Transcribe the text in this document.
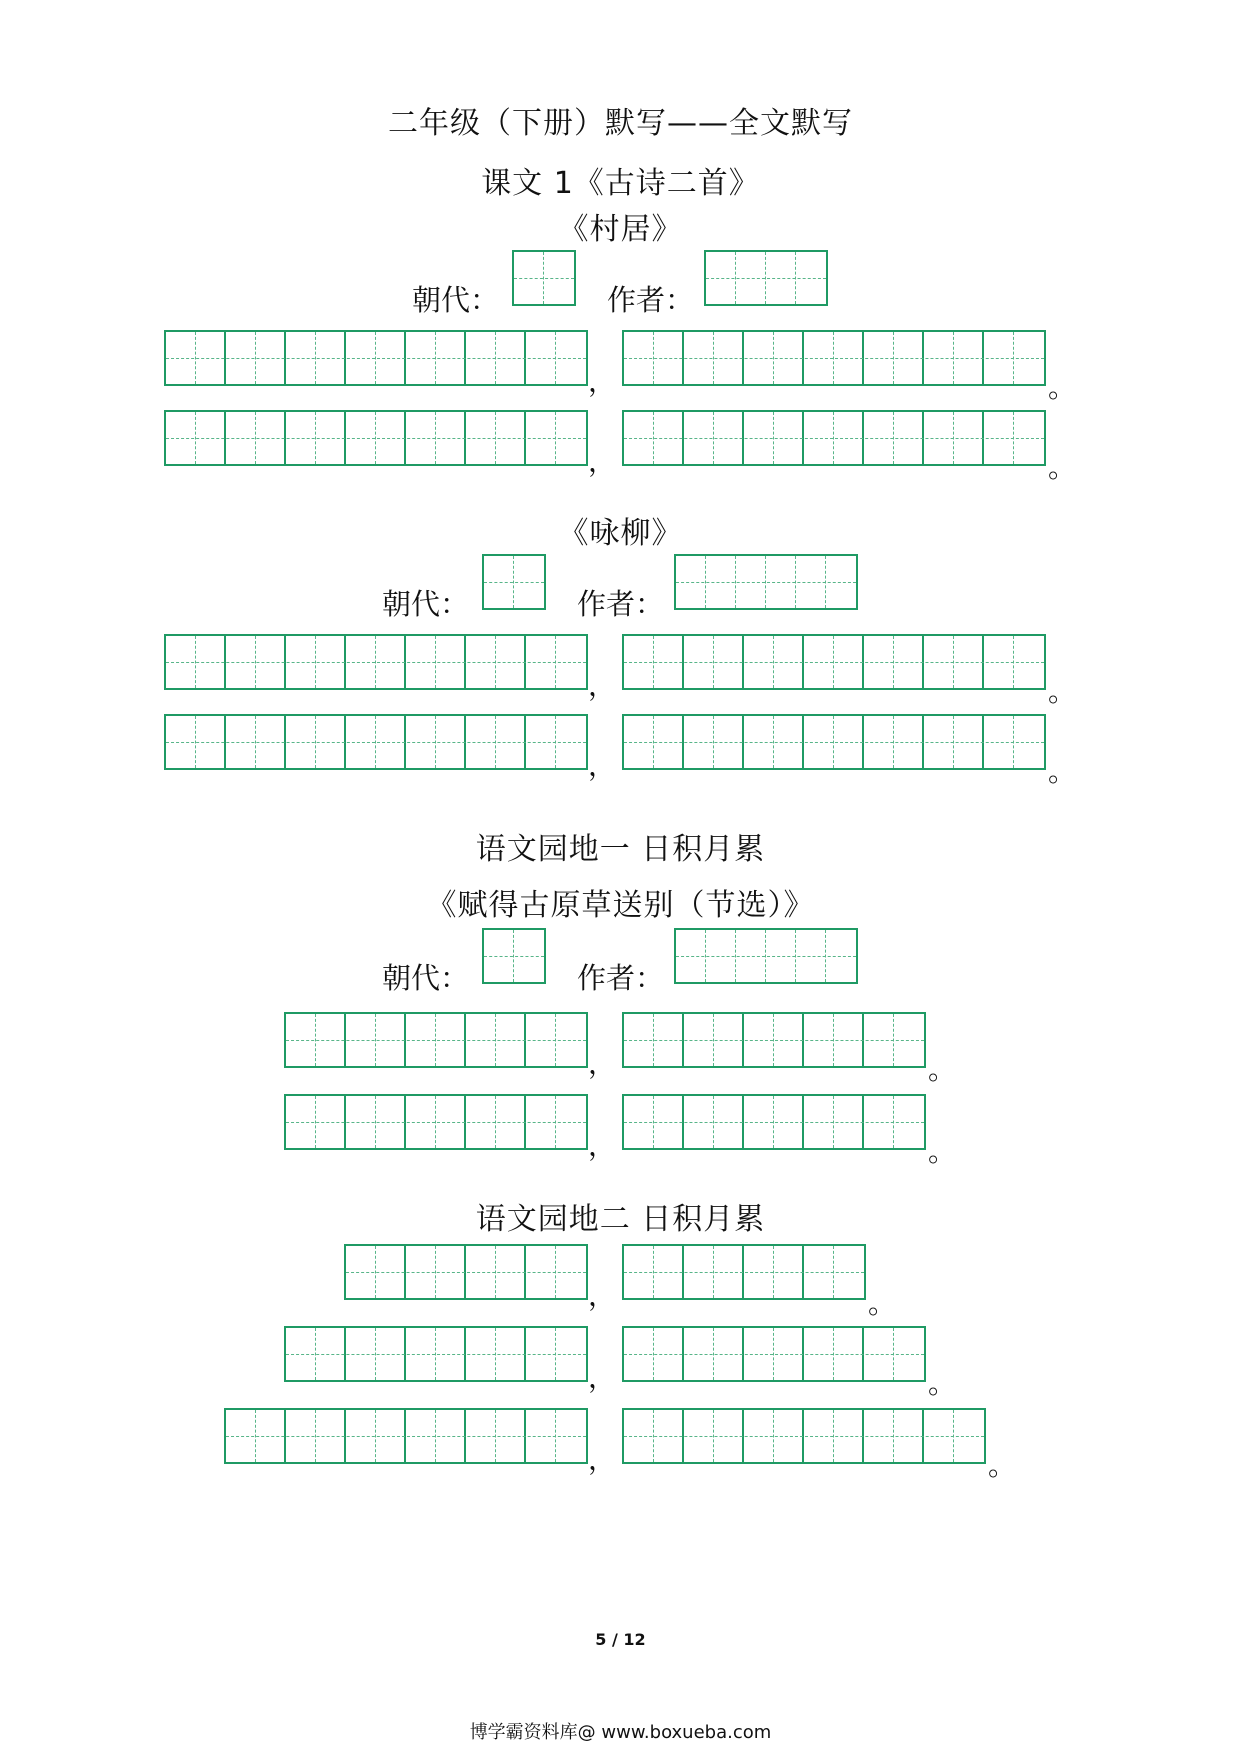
二年级（下册）默写——全文默写
课文 1《古诗二首》
《村居》
朝代：	作者：
，	。
，	。
《咏柳》
朝代：	作者：
，	。
，	。
语文园地一 日积月累
《赋得古原草送别（节选）》
朝代：	作者：
，	。
，	。
语文园地二 日积月累
，	。
，	。
，	。
5 / 12
博学霸资料库@ www.boxueba.com
